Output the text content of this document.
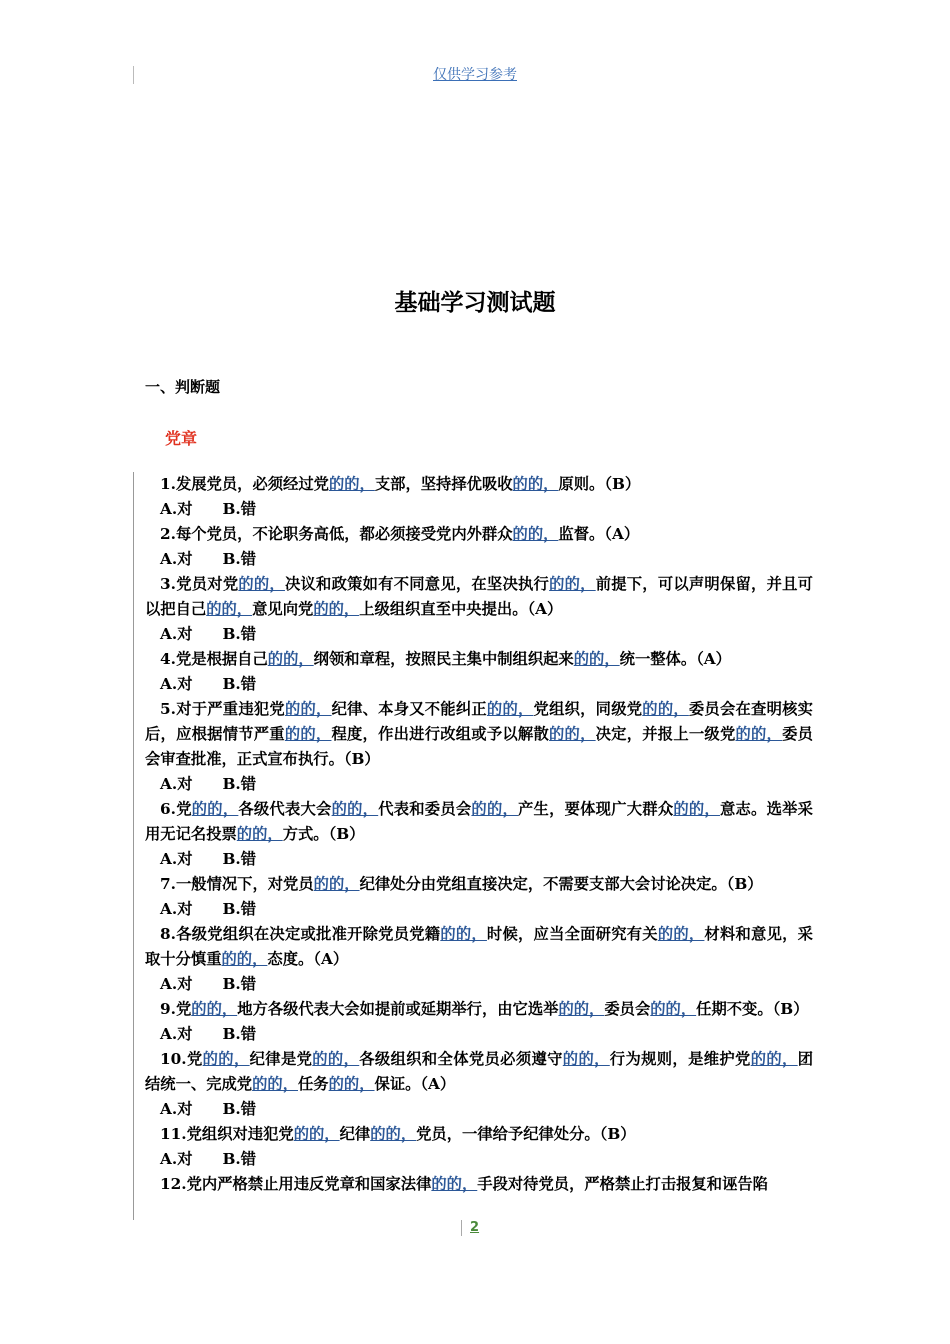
仅供学习参考
基础学习测试题
一、判断题
党章

1.发展党员，必须经过党的的，支部，坚持择优吸收的的，原则。（B）

A.对 B.错

2.每个党员，不论职务高低，都必须接受党内外群众的的，监督。（A）

A.对 B.错

3.党员对党的的，决议和政策如有不同意见，在坚决执行的的，前提下，可以声明保留，并且可以把自己的的，意见向党的的，上级组织直至中央提出。（A）

A.对 B.错

4.党是根据自己的的，纲领和章程，按照民主集中制组织起来的的，统一整体。（A）

A.对 B.错

5.对于严重违犯党的的，纪律、本身又不能纠正的的，党组织，同级党的的，委员会在查明核实后，应根据情节严重的的，程度，作出进行改组或予以解散的的，决定，并报上一级党的的，委员会审查批准，正式宣布执行。（B）

A.对 B.错

6.党的的，各级代表大会的的，代表和委员会的的，产生，要体现广大群众的的，意志。选举采用无记名投票的的，方式。（B）

A.对 B.错

7.一般情况下，对党员的的，纪律处分由党组直接决定，不需要支部大会讨论决定。（B）

A.对 B.错

8.各级党组织在决定或批准开除党员党籍的的，时候，应当全面研究有关的的，材料和意见，采取十分慎重的的，态度。（A）

A.对 B.错

9.党的的，地方各级代表大会如提前或延期举行，由它选举的的，委员会的的，任期不变。（B）

A.对 B.错

10.党的的，纪律是党的的，各级组织和全体党员必须遵守的的，行为规则，是维护党的的，团结统一、完成党的的，任务的的，保证。（A）

A.对 B.错

11.党组织对违犯党的的，纪律的的，党员，一律给予纪律处分。（B）

A.对 B.错

12.党内严格禁止用违反党章和国家法律的的，手段对待党员，严格禁止打击报复和诬告陷

2
